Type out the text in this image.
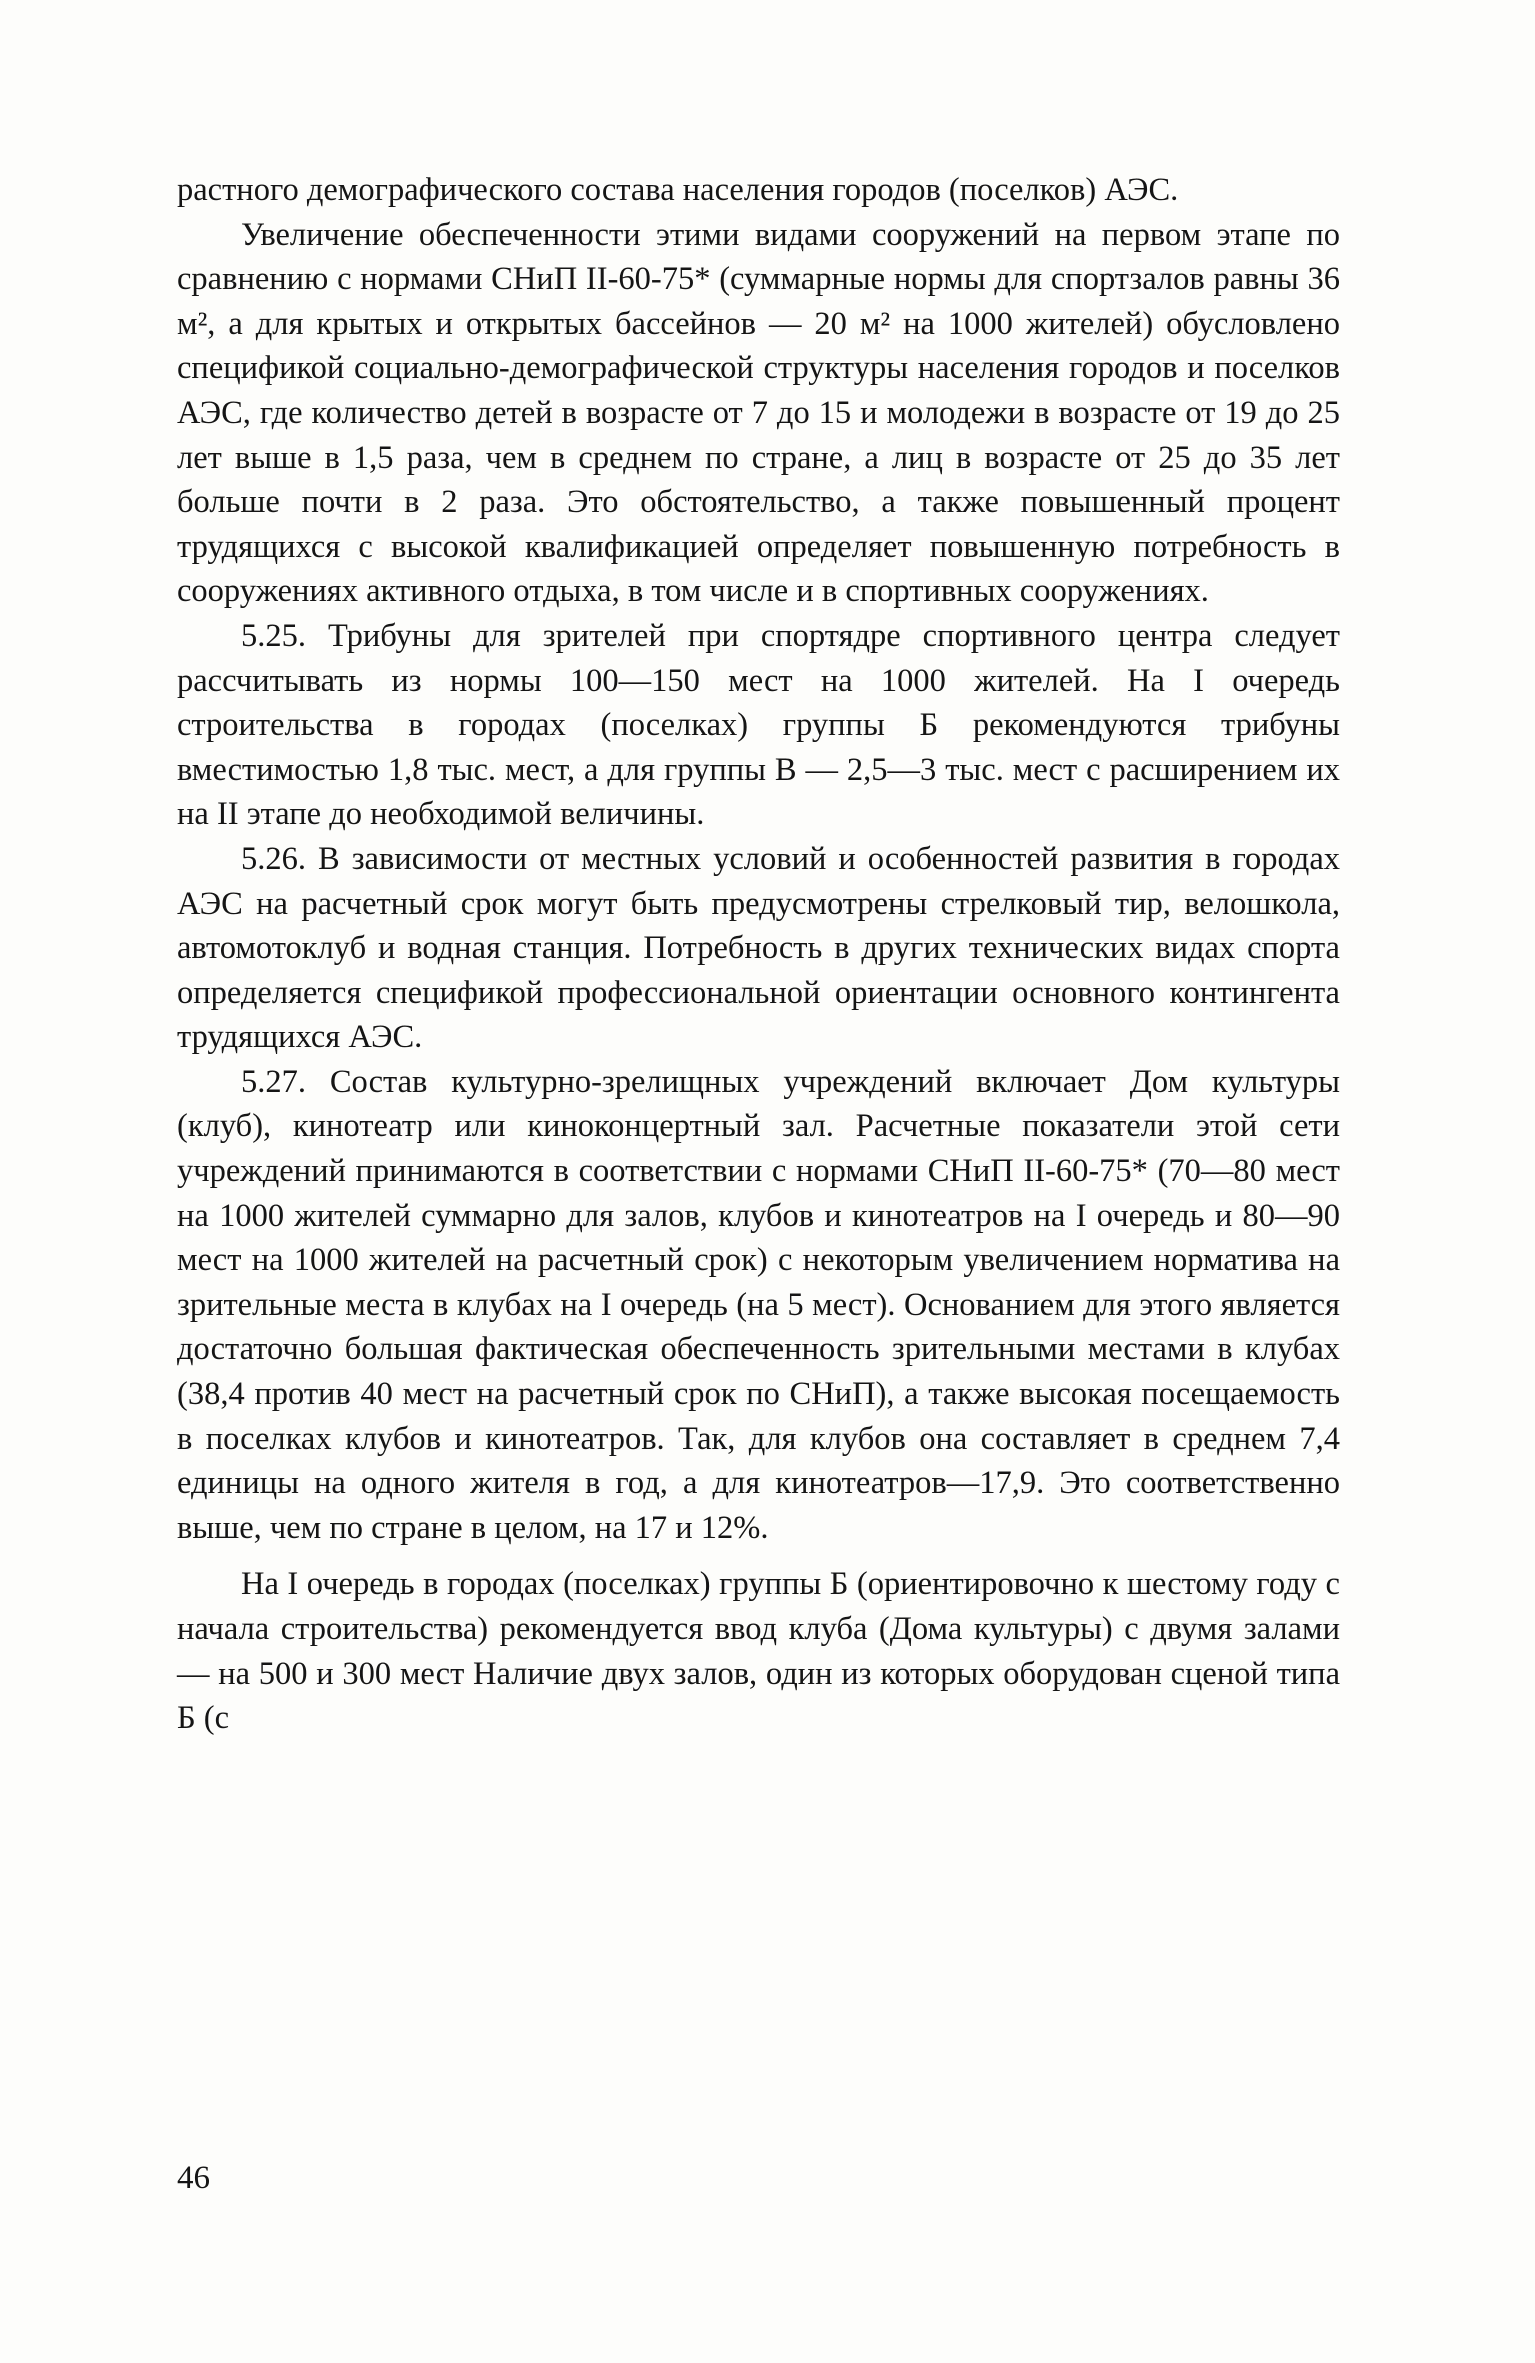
растного демографического состава населения городов (поселков) АЭС.

Увеличение обеспеченности этими видами сооружений на первом этапе по сравнению с нормами СНиП II-60-75* (суммарные нормы для спортзалов равны 36 м², а для крытых и открытых бассейнов — 20 м² на 1000 жителей) обусловлено спецификой социально-демографической структуры населения городов и поселков АЭС, где количество детей в возрасте от 7 до 15 и молодежи в возрасте от 19 до 25 лет выше в 1,5 раза, чем в среднем по стране, а лиц в возрасте от 25 до 35 лет больше почти в 2 раза. Это обстоятельство, а также повышенный процент трудящихся с высокой квалификацией определяет повышенную потребность в сооружениях активного отдыха, в том числе и в спортивных сооружениях.

5.25. Трибуны для зрителей при спортядре спортивного центра следует рассчитывать из нормы 100—150 мест на 1000 жителей. На I очередь строительства в городах (поселках) группы Б рекомендуются трибуны вместимостью 1,8 тыс. мест, а для группы В — 2,5—3 тыс. мест с расширением их на II этапе до необходимой величины.

5.26. В зависимости от местных условий и особенностей развития в городах АЭС на расчетный срок могут быть предусмотрены стрелковый тир, велошкола, автомотоклуб и водная станция. Потребность в других технических видах спорта определяется спецификой профессиональной ориентации основного контингента трудящихся АЭС.

5.27. Состав культурно-зрелищных учреждений включает Дом культуры (клуб), кинотеатр или киноконцертный зал. Расчетные показатели этой сети учреждений принимаются в соответствии с нормами СНиП II-60-75* (70—80 мест на 1000 жителей суммарно для залов, клубов и кинотеатров на I очередь и 80—90 мест на 1000 жителей на расчетный срок) с некоторым увеличением норматива на зрительные места в клубах на I очередь (на 5 мест). Основанием для этого является достаточно большая фактическая обеспеченность зрительными местами в клубах (38,4 против 40 мест на расчетный срок по СНиП), а также высокая посещаемость в поселках клубов и кинотеатров. Так, для клубов она составляет в среднем 7,4 единицы на одного жителя в год, а для кинотеатров—17,9. Это соответственно выше, чем по стране в целом, на 17 и 12%.

На I очередь в городах (поселках) группы Б (ориентировочно к шестому году с начала строительства) рекомендуется ввод клуба (Дома культуры) с двумя залами — на 500 и 300 мест Наличие двух залов, один из которых оборудован сценой типа Б (с

46
